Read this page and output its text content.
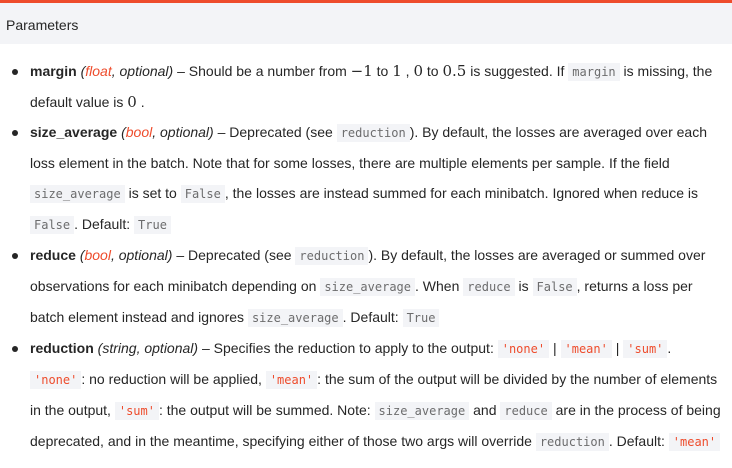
Parameters
margin (float, optional) – Should be a number from −1 to 1 , 0 to 0.5 is suggested. If margin is missing, the default value is 0 .
size_average (bool, optional) – Deprecated (see reduction ). By default, the losses are averaged over each loss element in the batch. Note that for some losses, there are multiple elements per sample. If the field size_average is set to False , the losses are instead summed for each minibatch. Ignored when reduce is False . Default: True
reduce (bool, optional) – Deprecated (see reduction ). By default, the losses are averaged or summed over observations for each minibatch depending on size_average . When reduce is False , returns a loss per batch element instead and ignores size_average . Default: True
reduction (string, optional) – Specifies the reduction to apply to the output: 'none' | 'mean' | 'sum' . 'none' : no reduction will be applied, 'mean' : the sum of the output will be divided by the number of elements in the output, 'sum' : the output will be summed. Note: size_average and reduce are in the process of being deprecated, and in the meantime, specifying either of those two args will override reduction . Default: 'mean'
